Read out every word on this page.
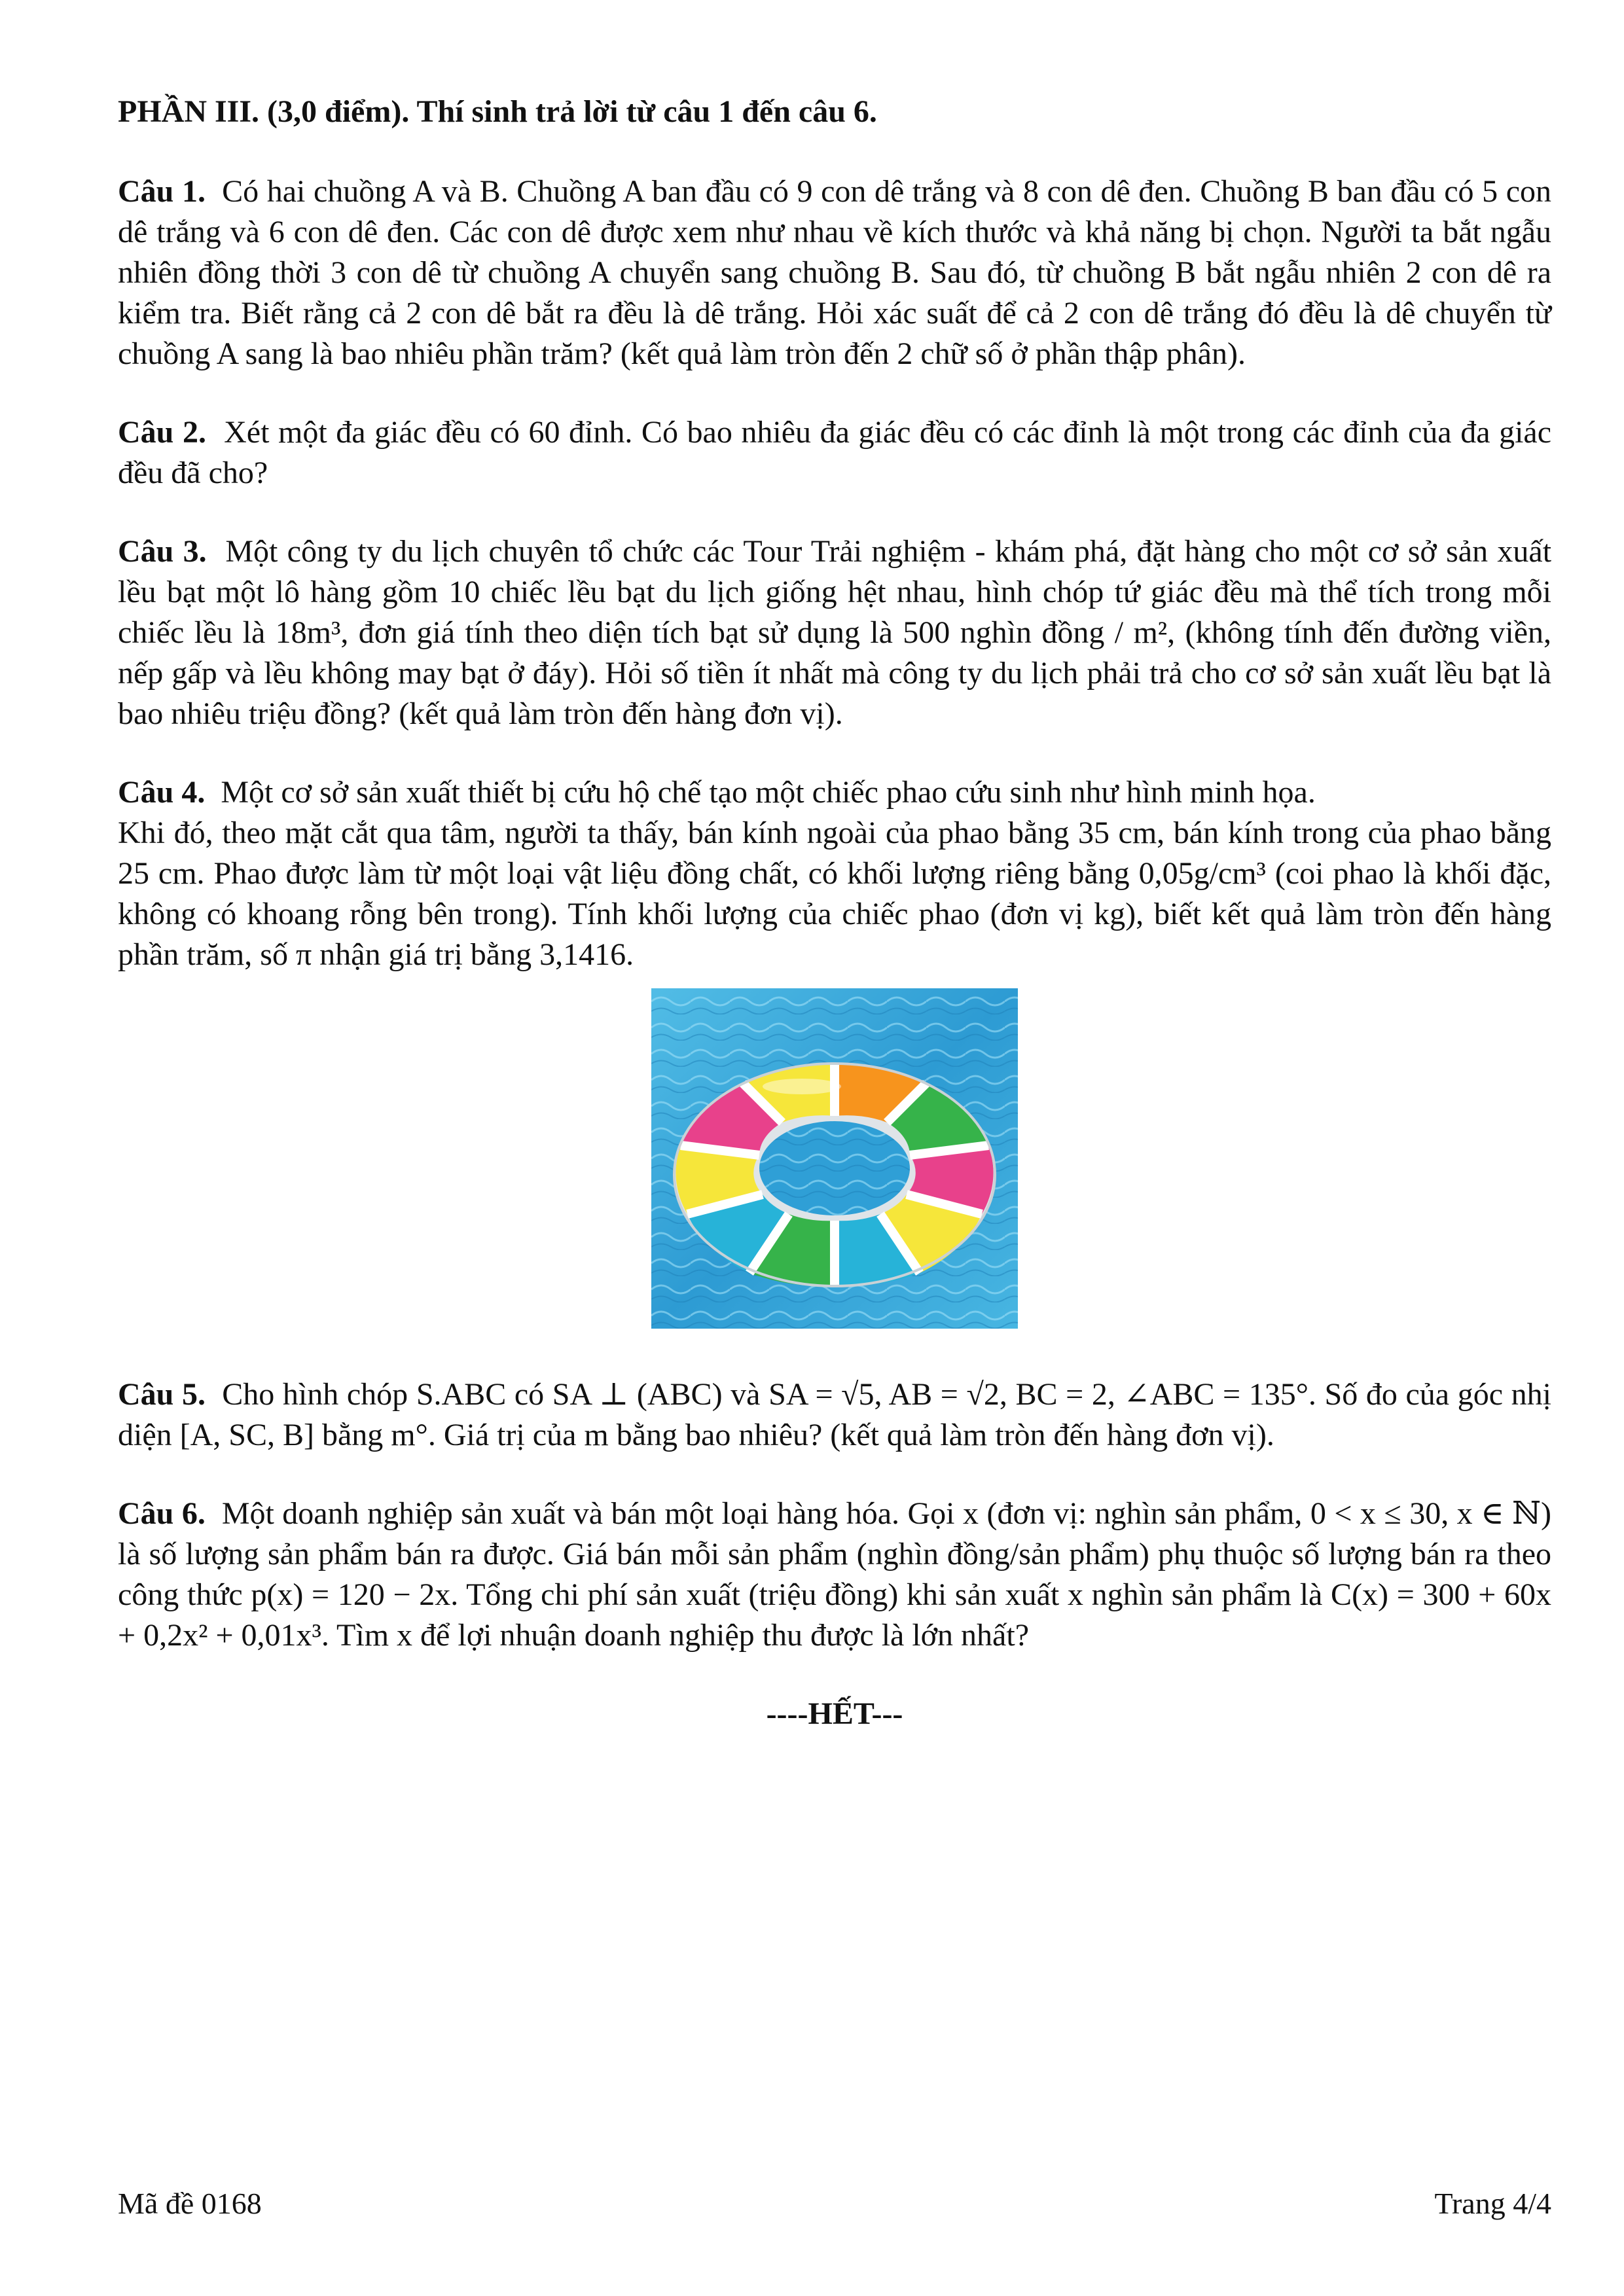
PHẦN III. (3,0 điểm). Thí sinh trả lời từ câu 1 đến câu 6.

Câu 1. Có hai chuồng A và B. Chuồng A ban đầu có 9 con dê trắng và 8 con dê đen. Chuồng B ban đầu có 5 con dê trắng và 6 con dê đen. Các con dê được xem như nhau về kích thước và khả năng bị chọn. Người ta bắt ngẫu nhiên đồng thời 3 con dê từ chuồng A chuyển sang chuồng B. Sau đó, từ chuồng B bắt ngẫu nhiên 2 con dê ra kiểm tra. Biết rằng cả 2 con dê bắt ra đều là dê trắng. Hỏi xác suất để cả 2 con dê trắng đó đều là dê chuyển từ chuồng A sang là bao nhiêu phần trăm? (kết quả làm tròn đến 2 chữ số ở phần thập phân).

Câu 2. Xét một đa giác đều có 60 đỉnh. Có bao nhiêu đa giác đều có các đỉnh là một trong các đỉnh của đa giác đều đã cho?

Câu 3. Một công ty du lịch chuyên tổ chức các Tour Trải nghiệm - khám phá, đặt hàng cho một cơ sở sản xuất lều bạt một lô hàng gồm 10 chiếc lều bạt du lịch giống hệt nhau, hình chóp tứ giác đều mà thể tích trong mỗi chiếc lều là 18m³, đơn giá tính theo diện tích bạt sử dụng là 500 nghìn đồng / m², (không tính đến đường viền, nếp gấp và lều không may bạt ở đáy). Hỏi số tiền ít nhất mà công ty du lịch phải trả cho cơ sở sản xuất lều bạt là bao nhiêu triệu đồng? (kết quả làm tròn đến hàng đơn vị).

Câu 4. Một cơ sở sản xuất thiết bị cứu hộ chế tạo một chiếc phao cứu sinh như hình minh họa.

Khi đó, theo mặt cắt qua tâm, người ta thấy, bán kính ngoài của phao bằng 35 cm, bán kính trong của phao bằng 25 cm. Phao được làm từ một loại vật liệu đồng chất, có khối lượng riêng bằng 0,05g/cm³ (coi phao là khối đặc, không có khoang rỗng bên trong). Tính khối lượng của chiếc phao (đơn vị kg), biết kết quả làm tròn đến hàng phần trăm, số π nhận giá trị bằng 3,1416.

Câu 5. Cho hình chóp S.ABC có SA ⊥ (ABC) và SA = √5, AB = √2, BC = 2, ∠ABC = 135°. Số đo của góc nhị diện [A, SC, B] bằng m°. Giá trị của m bằng bao nhiêu? (kết quả làm tròn đến hàng đơn vị).

Câu 6. Một doanh nghiệp sản xuất và bán một loại hàng hóa. Gọi x (đơn vị: nghìn sản phẩm, 0 < x ≤ 30, x ∈ ℕ) là số lượng sản phẩm bán ra được. Giá bán mỗi sản phẩm (nghìn đồng/sản phẩm) phụ thuộc số lượng bán ra theo công thức p(x) = 120 − 2x. Tổng chi phí sản xuất (triệu đồng) khi sản xuất x nghìn sản phẩm là C(x) = 300 + 60x + 0,2x² + 0,01x³. Tìm x để lợi nhuận doanh nghiệp thu được là lớn nhất?

----HẾT---

Mã đề 0168	Trang 4/4
